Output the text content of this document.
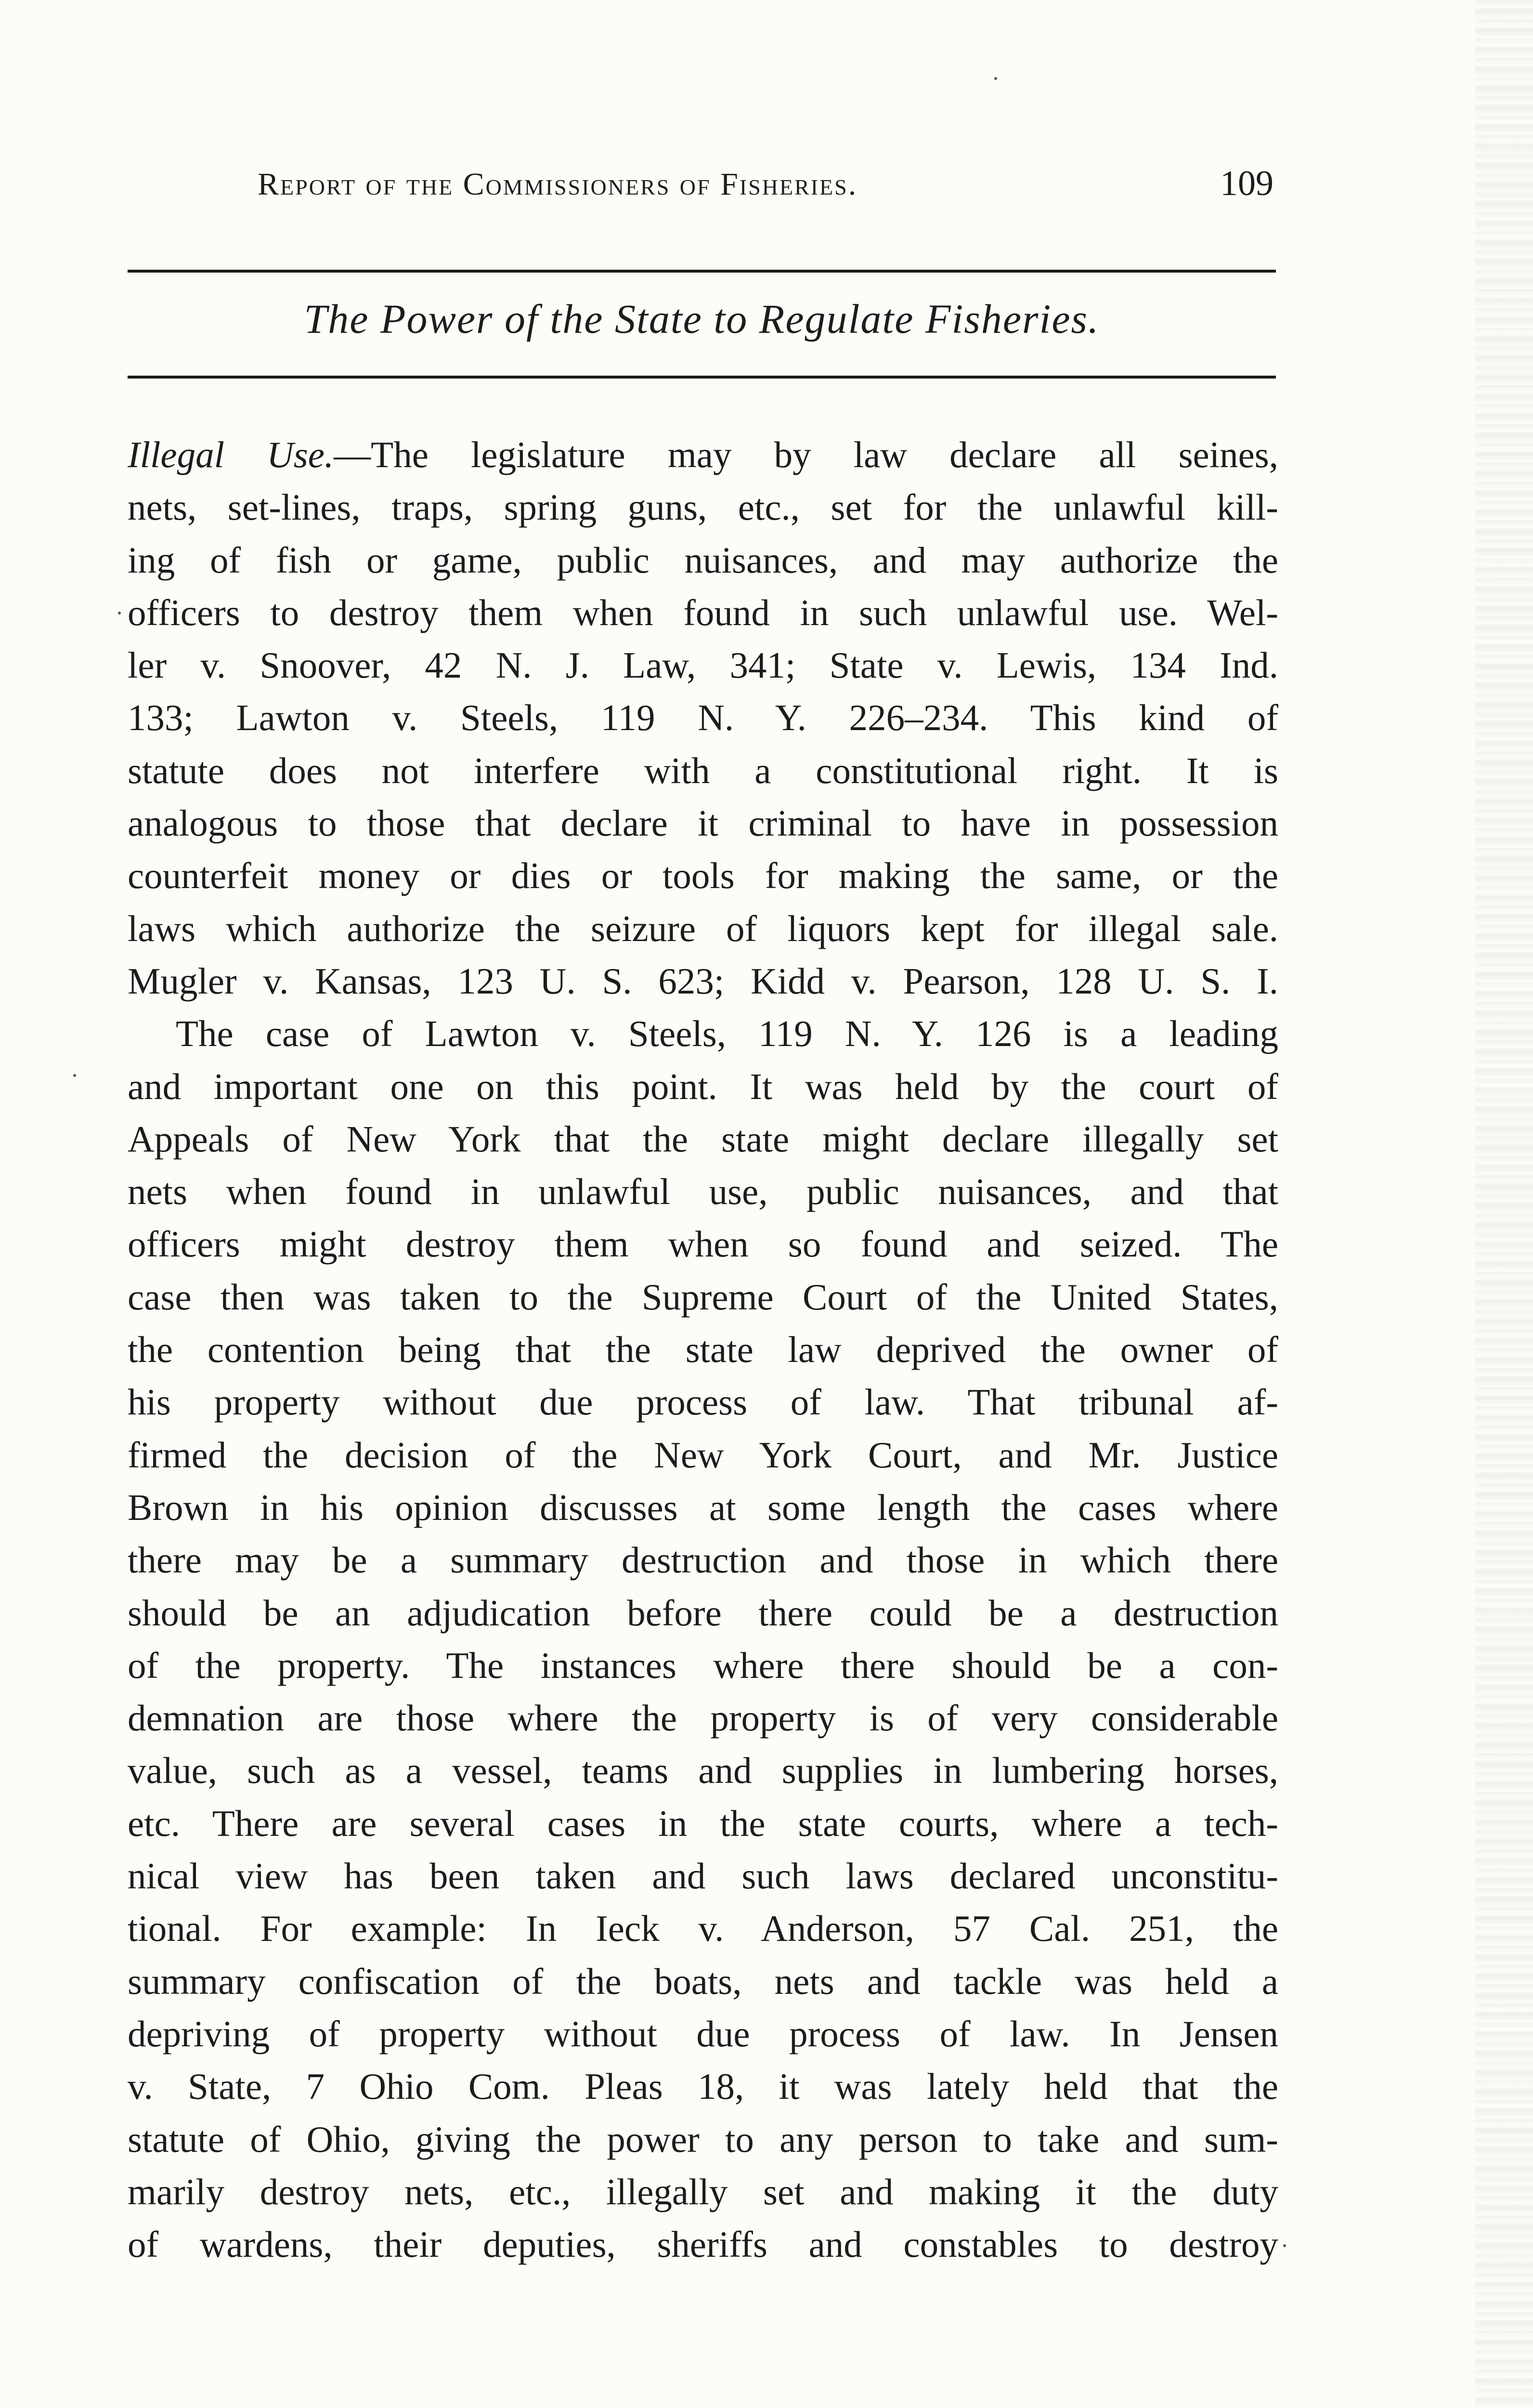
Report of the Commissioners of Fisheries.	109
The Power of the State to Regulate Fisheries.
Illegal Use.—The legislature may by law declare all seines,
nets, set-lines, traps, spring guns, etc., set for the unlawful kill-
ing of fish or game, public nuisances, and may authorize the
officers to destroy them when found in such unlawful use. Wel-
ler v. Snoover, 42 N. J. Law, 341; State v. Lewis, 134 Ind.
133; Lawton v. Steels, 119 N. Y. 226–234. This kind of
statute does not interfere with a constitutional right. It is
analogous to those that declare it criminal to have in possession
counterfeit money or dies or tools for making the same, or the
laws which authorize the seizure of liquors kept for illegal sale.
Mugler v. Kansas, 123 U. S. 623; Kidd v. Pearson, 128 U. S. I.
The case of Lawton v. Steels, 119 N. Y. 126 is a leading
and important one on this point. It was held by the court of
Appeals of New York that the state might declare illegally set
nets when found in unlawful use, public nuisances, and that
officers might destroy them when so found and seized. The
case then was taken to the Supreme Court of the United States,
the contention being that the state law deprived the owner of
his property without due process of law. That tribunal af-
firmed the decision of the New York Court, and Mr. Justice
Brown in his opinion discusses at some length the cases where
there may be a summary destruction and those in which there
should be an adjudication before there could be a destruction
of the property. The instances where there should be a con-
demnation are those where the property is of very considerable
value, such as a vessel, teams and supplies in lumbering horses,
etc. There are several cases in the state courts, where a tech-
nical view has been taken and such laws declared unconstitu-
tional. For example: In Ieck v. Anderson, 57 Cal. 251, the
summary confiscation of the boats, nets and tackle was held a
depriving of property without due process of law. In Jensen
v. State, 7 Ohio Com. Pleas 18, it was lately held that the
statute of Ohio, giving the power to any person to take and sum-
marily destroy nets, etc., illegally set and making it the duty
of wardens, their deputies, sheriffs and constables to destroy
